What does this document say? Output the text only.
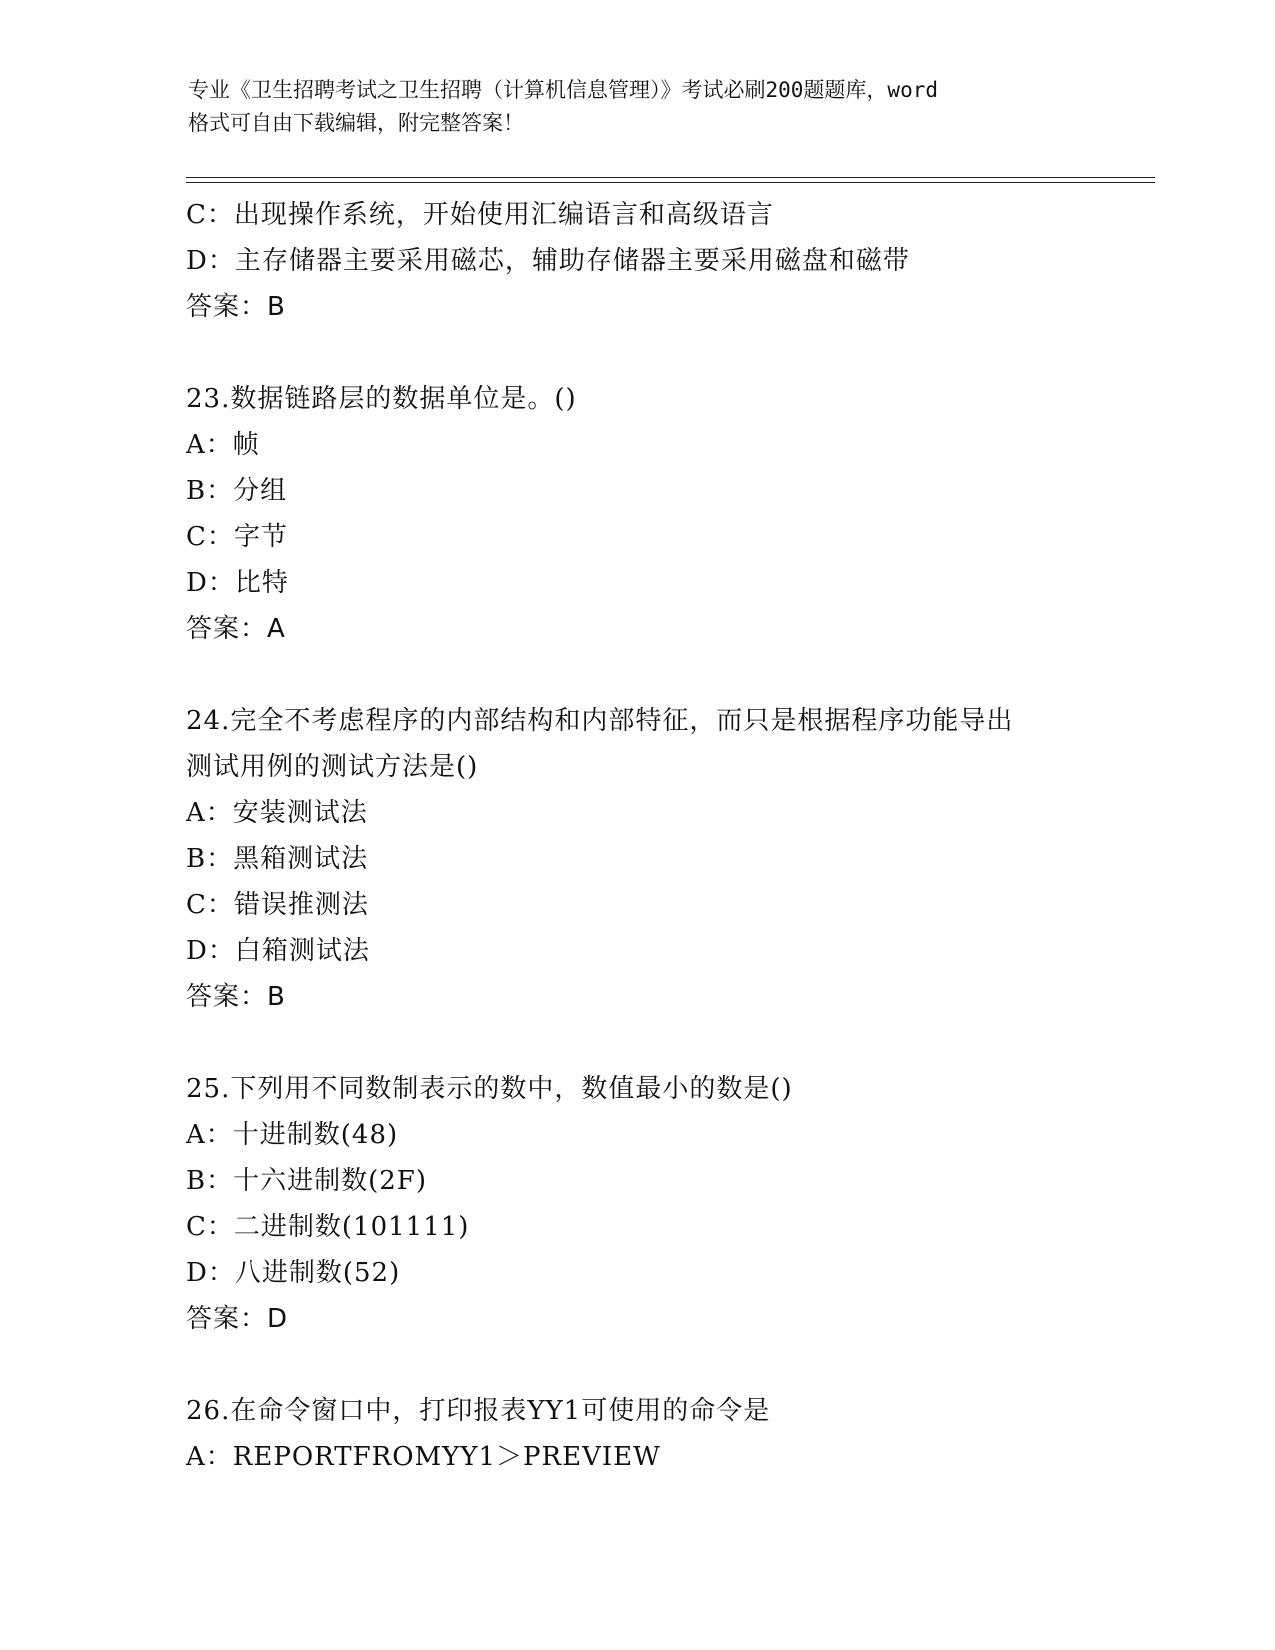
专业《卫生招聘考试之卫生招聘（计算机信息管理）》考试必刷200题题库，word
格式可自由下载编辑，附完整答案！
C：出现操作系统，开始使用汇编语言和高级语言
D：主存储器主要采用磁芯，辅助存储器主要采用磁盘和磁带
答案：B
23.数据链路层的数据单位是。()
A：帧
B：分组
C：字节
D：比特
答案：A
24.完全不考虑程序的内部结构和内部特征，而只是根据程序功能导出
测试用例的测试方法是()
A：安装测试法
B：黑箱测试法
C：错误推测法
D：白箱测试法
答案：B
25.下列用不同数制表示的数中，数值最小的数是()
A：十进制数(48)
B：十六进制数(2F)
C：二进制数(101111)
D：八进制数(52)
答案：D
26.在命令窗口中，打印报表YY1可使用的命令是
A：REPORTFROMYY1＞PREVIEW
